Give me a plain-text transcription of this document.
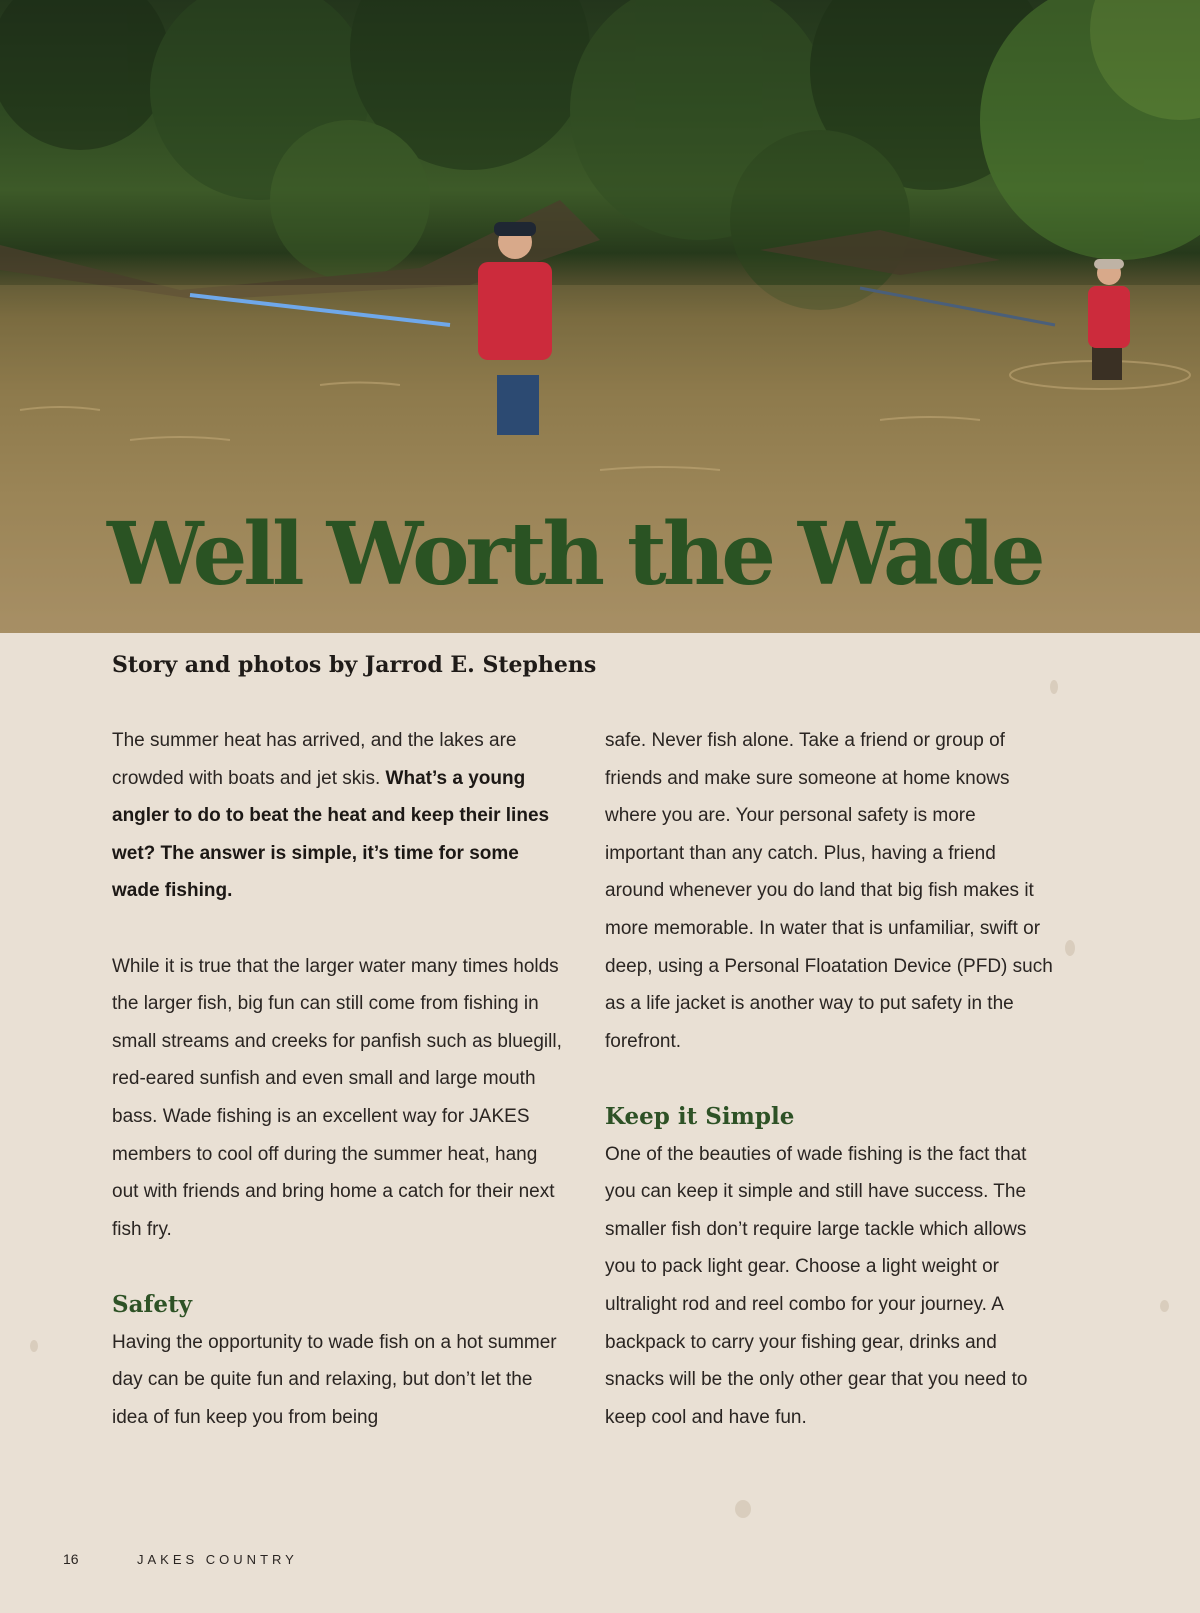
Well Worth the Wade
Story and photos by Jarrod E. Stephens

The summer heat has arrived, and the lakes are crowded with boats and jet skis. What’s a young angler to do to beat the heat and keep their lines wet? The answer is simple, it’s time for some wade fishing.

While it is true that the larger water many times holds the larger fish, big fun can still come from fishing in small streams and creeks for panfish such as bluegill, red-eared sunfish and even small and large mouth bass. Wade fishing is an excellent way for JAKES members to cool off during the summer heat, hang out with friends and bring home a catch for their next fish fry.

Safety

Having the opportunity to wade fish on a hot summer day can be quite fun and relaxing, but don’t let the idea of fun keep you from being

safe. Never fish alone. Take a friend or group of friends and make sure someone at home knows where you are. Your personal safety is more important than any catch. Plus, having a friend around whenever you do land that big fish makes it more memorable. In water that is unfamiliar, swift or deep, using a Personal Floatation Device (PFD) such as a life jacket is another way to put safety in the forefront.

Keep it Simple

One of the beauties of wade fishing is the fact that you can keep it simple and still have success. The smaller fish don’t require large tackle which allows you to pack light gear. Choose a light weight or ultralight rod and reel combo for your journey. A backpack to carry your fishing gear, drinks and snacks will be the only other gear that you need to keep cool and have fun.

16	JAKES COUNTRY
